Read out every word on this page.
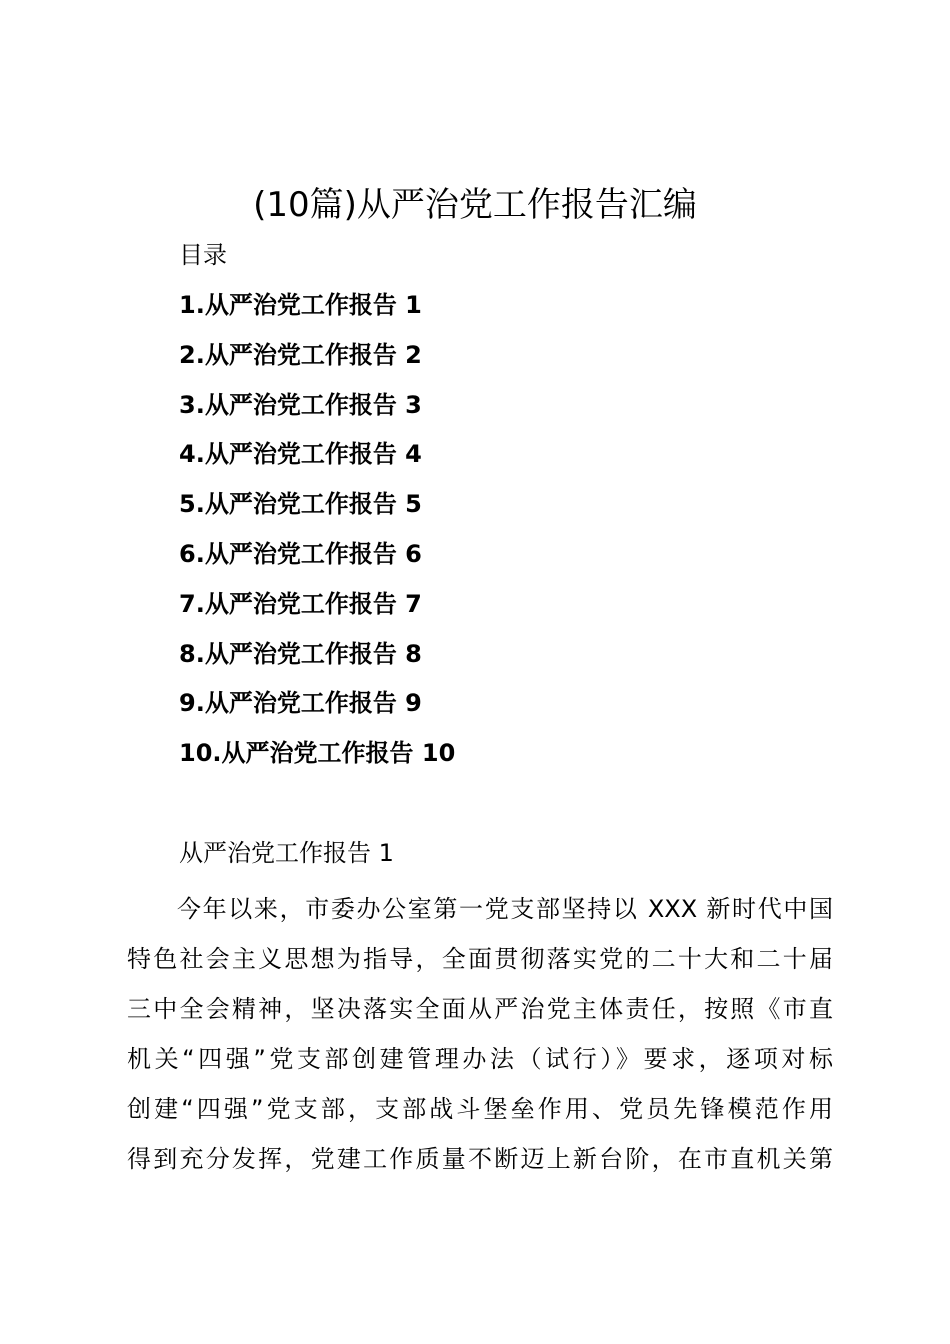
(10篇)从严治党工作报告汇编
目录
1.从严治党工作报告 1
2.从严治党工作报告 2
3.从严治党工作报告 3
4.从严治党工作报告 4
5.从严治党工作报告 5
6.从严治党工作报告 6
7.从严治党工作报告 7
8.从严治党工作报告 8
9.从严治党工作报告 9
10.从严治党工作报告 10
从严治党工作报告 1
今年以来，市委办公室第一党支部坚持以 XXX 新时代中国
特色社会主义思想为指导，全面贯彻落实党的二十大和二十届
三中全会精神，坚决落实全面从严治党主体责任，按照《市直
机关“四强”党支部创建管理办法（试行）》要求，逐项对标
创建“四强”党支部，支部战斗堡垒作用、党员先锋模范作用
得到充分发挥，党建工作质量不断迈上新台阶，在市直机关第
